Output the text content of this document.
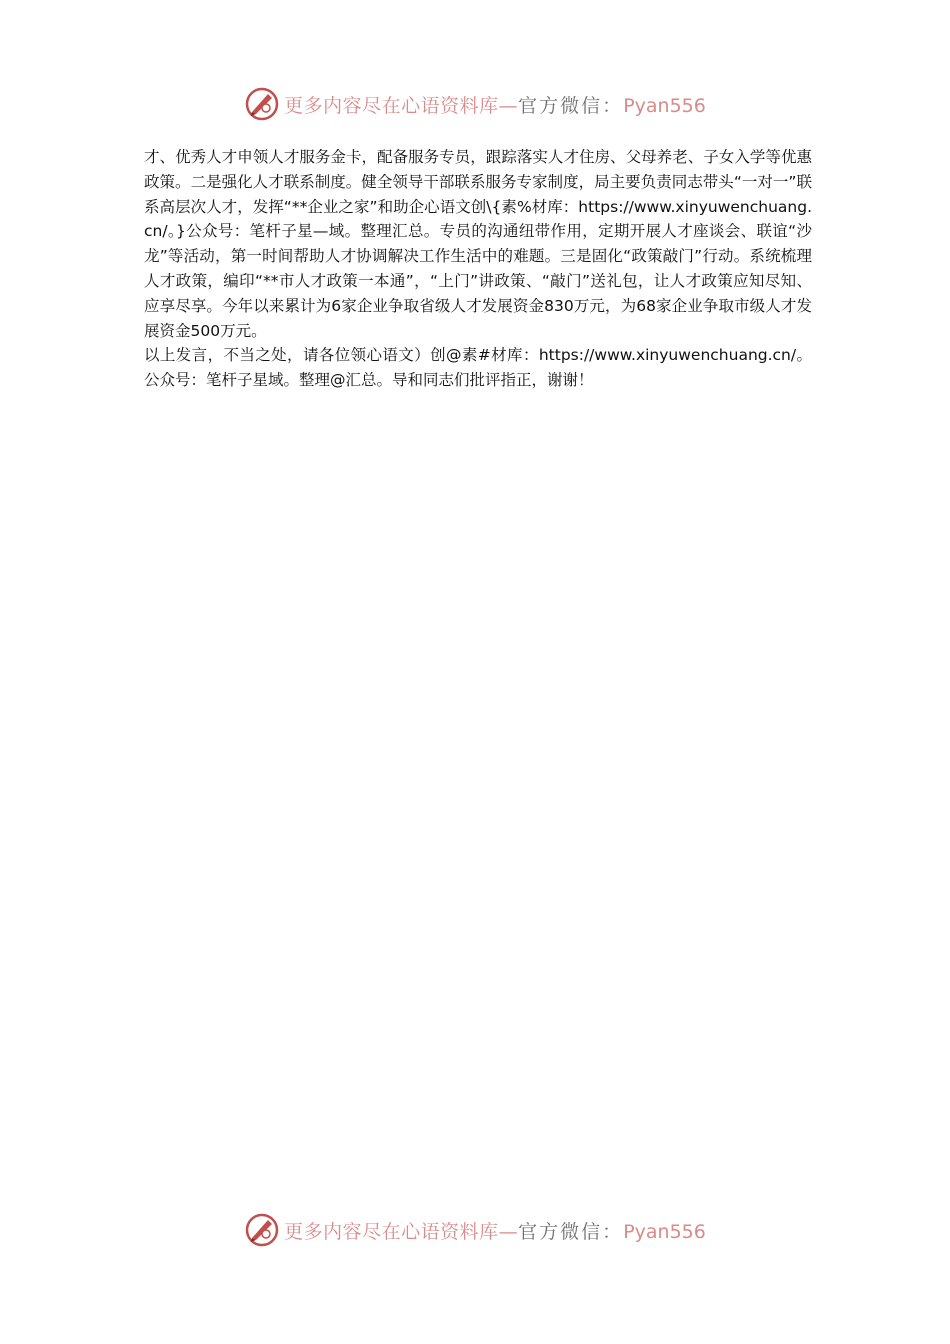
更多内容尽在心语资料库—官方微信：Pyan556

才、优秀人才申领人才服务金卡，配备服务专员，跟踪落实人才住房、父母养老、子女入学等优惠政策。二是强化人才联系制度。健全领导干部联系服务专家制度，局主要负责同志带头“一对一”联系高层次人才，发挥“**企业之家”和助企心语文创\{素%材库：https://www.xinyuwenchuang.cn/。}公众号：笔杆子星—域。整理汇总。专员的沟通纽带作用，定期开展人才座谈会、联谊“沙龙”等活动，第一时间帮助人才协调解决工作生活中的难题。三是固化“政策敲门”行动。系统梳理人才政策，编印“**市人才政策一本通”，“上门”讲政策、“敲门”送礼包，让人才政策应知尽知、应享尽享。今年以来累计为6家企业争取省级人才发展资金830万元，为68家企业争取市级人才发展资金500万元。

以上发言，不当之处，请各位领心语文）创@素#材库：https://www.xinyuwenchuang.cn/。公众号：笔杆子星域。整理@汇总。导和同志们批评指正，谢谢！

更多内容尽在心语资料库—官方微信：Pyan556
